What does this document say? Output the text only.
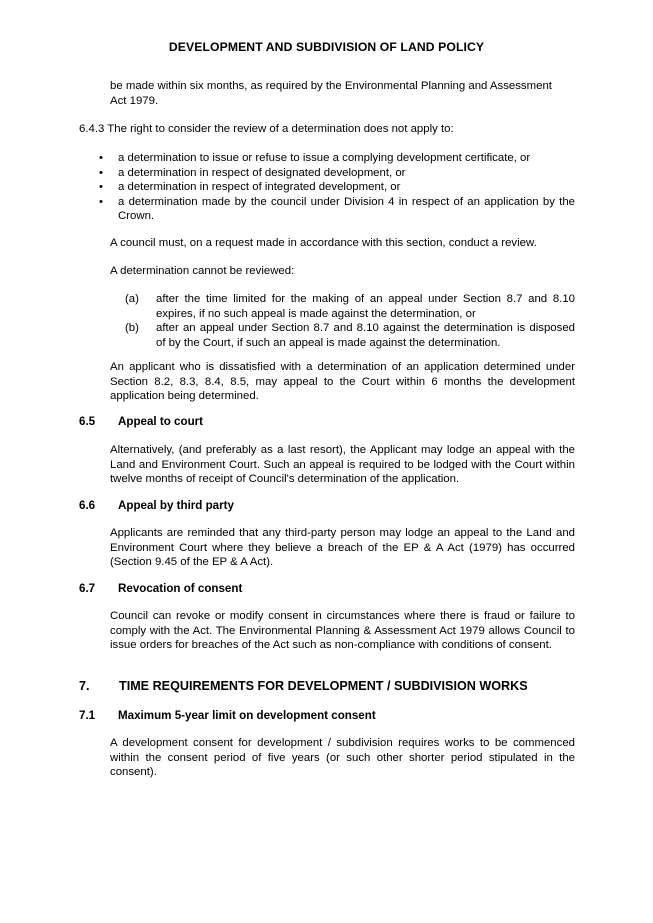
DEVELOPMENT AND SUBDIVISION OF LAND POLICY
be made within six months, as required by the Environmental Planning and Assessment
Act 1979.
6.4.3 The right to consider the review of a determination does not apply to:
• a determination to issue or refuse to issue a complying development certificate, or
• a determination in respect of designated development, or
• a determination in respect of integrated development, or
• a determination made by the council under Division 4 in respect of an application by the Crown.
A council must, on a request made in accordance with this section, conduct a review.
A determination cannot be reviewed:
(a) after the time limited for the making of an appeal under Section 8.7 and 8.10 expires, if no such appeal is made against the determination, or
(b) after an appeal under Section 8.7 and 8.10 against the determination is disposed of by the Court, if such an appeal is made against the determination.
An applicant who is dissatisfied with a determination of an application determined under Section 8.2, 8.3, 8.4, 8.5, may appeal to the Court within 6 months the development application being determined.
6.5 Appeal to court
Alternatively, (and preferably as a last resort), the Applicant may lodge an appeal with the Land and Environment Court. Such an appeal is required to be lodged with the Court within twelve months of receipt of Council's determination of the application.
6.6 Appeal by third party
Applicants are reminded that any third-party person may lodge an appeal to the Land and Environment Court where they believe a breach of the EP & A Act (1979) has occurred (Section 9.45 of the EP & A Act).
6.7 Revocation of consent
Council can revoke or modify consent in circumstances where there is fraud or failure to comply with the Act. The Environmental Planning & Assessment Act 1979 allows Council to issue orders for breaches of the Act such as non-compliance with conditions of consent.
7. TIME REQUIREMENTS FOR DEVELOPMENT / SUBDIVISION WORKS
7.1 Maximum 5-year limit on development consent
A development consent for development / subdivision requires works to be commenced within the consent period of five years (or such other shorter period stipulated in the consent).
